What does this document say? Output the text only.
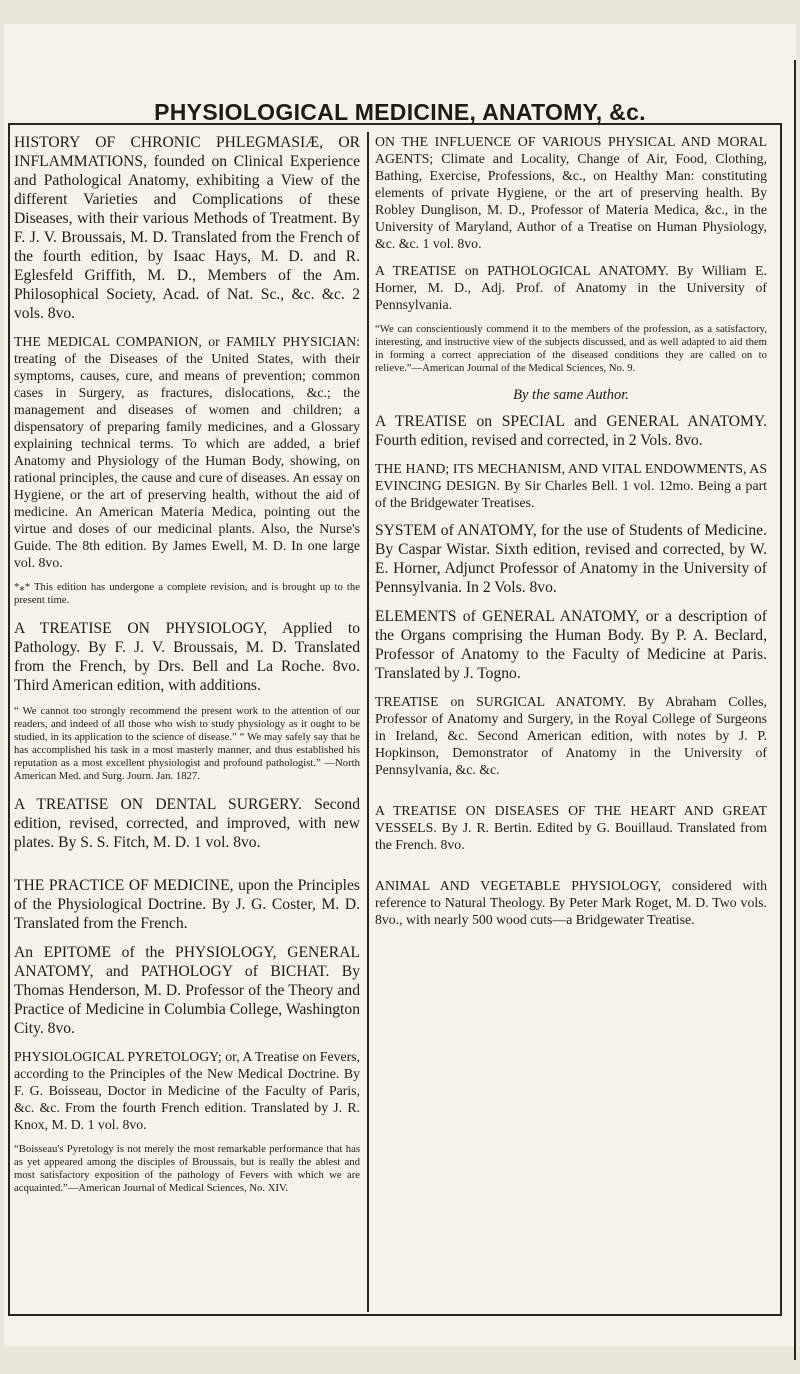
PHYSIOLOGICAL MEDICINE, ANATOMY, &c.

HISTORY OF CHRONIC PHLEGMASIÆ, OR INFLAMMATIONS, founded on Clinical Experience and Pathological Anatomy, exhibiting a View of the different Varieties and Complications of these Diseases, with their various Methods of Treatment. By F. J. V. Broussais, M. D. Translated from the French of the fourth edition, by Isaac Hays, M. D. and R. Eglesfeld Griffith, M. D., Members of the Am. Philosophical Society, Acad. of Nat. Sc., &c. &c. 2 vols. 8vo.

THE MEDICAL COMPANION, or FAMILY PHYSICIAN: treating of the Diseases of the United States, with their symptoms, causes, cure, and means of prevention; common cases in Surgery, as fractures, dislocations, &c.; the management and diseases of women and children; a dispensatory of preparing family medicines, and a Glossary explaining technical terms. To which are added, a brief Anatomy and Physiology of the Human Body, showing, on rational principles, the cause and cure of diseases. An essay on Hygiene, or the art of preserving health, without the aid of medicine. An American Materia Medica, pointing out the virtue and doses of our medicinal plants. Also, the Nurse's Guide. The 8th edition. By James Ewell, M. D. In one large vol. 8vo.

*⁎* This edition has undergone a complete revision, and is brought up to the present time.

A TREATISE ON PHYSIOLOGY, Applied to Pathology. By F. J. V. Broussais, M. D. Translated from the French, by Drs. Bell and La Roche. 8vo. Third American edition, with additions.

“ We cannot too strongly recommend the present work to the attention of our readers, and indeed of all those who wish to study physiology as it ought to be studied, in its application to the science of disease.” “ We may safely say that he has accomplished his task in a most masterly manner, and thus established his reputation as a most excellent physiologist and profound pathologist.” —North American Med. and Surg. Journ. Jan. 1827.

A TREATISE ON DENTAL SURGERY. Second edition, revised, corrected, and improved, with new plates. By S. S. Fitch, M. D. 1 vol. 8vo.

THE PRACTICE OF MEDICINE, upon the Principles of the Physiological Doctrine. By J. G. Coster, M. D. Translated from the French.

An EPITOME of the PHYSIOLOGY, GENERAL ANATOMY, and PATHOLOGY of BICHAT. By Thomas Henderson, M. D. Professor of the Theory and Practice of Medicine in Columbia College, Washington City. 8vo.

PHYSIOLOGICAL PYRETOLOGY; or, A Treatise on Fevers, according to the Principles of the New Medical Doctrine. By F. G. Boisseau, Doctor in Medicine of the Faculty of Paris, &c. &c. From the fourth French edition. Translated by J. R. Knox, M. D. 1 vol. 8vo.

“Boisseau's Pyretology is not merely the most remarkable performance that has as yet appeared among the disciples of Broussais, but is really the ablest and most satisfactory exposition of the pathology of Fevers with which we are acquainted.”—American Journal of Medical Sciences, No. XIV.

ON THE INFLUENCE OF VARIOUS PHYSICAL AND MORAL AGENTS; Climate and Locality, Change of Air, Food, Clothing, Bathing, Exercise, Professions, &c., on Healthy Man: constituting elements of private Hygiene, or the art of preserving health. By Robley Dunglison, M. D., Professor of Materia Medica, &c., in the University of Maryland, Author of a Treatise on Human Physiology, &c. &c. 1 vol. 8vo.

A TREATISE on PATHOLOGICAL ANATOMY. By William E. Horner, M. D., Adj. Prof. of Anatomy in the University of Pennsylvania.

“We can conscientiously commend it to the members of the profession, as a satisfactory, interesting, and instructive view of the subjects discussed, and as well adapted to aid them in forming a correct appreciation of the diseased conditions they are called on to relieve.”—American Journal of the Medical Sciences, No. 9.

By the same Author.

A TREATISE on SPECIAL and GENERAL ANATOMY. Fourth edition, revised and corrected, in 2 Vols. 8vo.

THE HAND; ITS MECHANISM, AND VITAL ENDOWMENTS, AS EVINCING DESIGN. By Sir Charles Bell. 1 vol. 12mo. Being a part of the Bridgewater Treatises.

SYSTEM of ANATOMY, for the use of Students of Medicine. By Caspar Wistar. Sixth edition, revised and corrected, by W. E. Horner, Adjunct Professor of Anatomy in the University of Pennsylvania. In 2 Vols. 8vo.

ELEMENTS of GENERAL ANATOMY, or a description of the Organs comprising the Human Body. By P. A. Beclard, Professor of Anatomy to the Faculty of Medicine at Paris. Translated by J. Togno.

TREATISE on SURGICAL ANATOMY. By Abraham Colles, Professor of Anatomy and Surgery, in the Royal College of Surgeons in Ireland, &c. Second American edition, with notes by J. P. Hopkinson, Demonstrator of Anatomy in the University of Pennsylvania, &c. &c.

A TREATISE ON DISEASES OF THE HEART AND GREAT VESSELS. By J. R. Bertin. Edited by G. Bouillaud. Translated from the French. 8vo.

ANIMAL AND VEGETABLE PHYSIOLOGY, considered with reference to Natural Theology. By Peter Mark Roget, M. D. Two vols. 8vo., with nearly 500 wood cuts—a Bridgewater Treatise.
